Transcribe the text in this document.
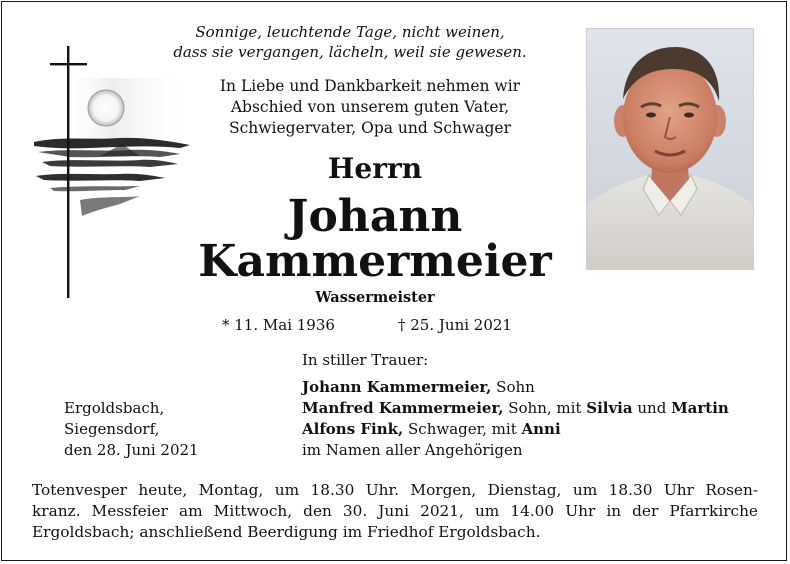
Sonnige, leuchtende Tage, nicht weinen,
dass sie vergangen, lächeln, weil sie gewesen.
In Liebe und Dankbarkeit nehmen wir
Abschied von unserem guten Vater,
Schwiegervater, Opa und Schwager
Herrn
Johann
Kammermeier
Wassermeister
* 11. Mai 1936	† 25. Juni 2021
Ergoldsbach,
Siegensdorf,
den 28. Juni 2021
In stiller Trauer:
Johann Kammermeier, Sohn
Manfred Kammermeier, Sohn, mit Silvia und Martin
Alfons Fink, Schwager, mit Anni
im Namen aller Angehörigen
Totenvesper heute, Montag, um 18.30 Uhr. Morgen, Dienstag, um 18.30 Uhr Rosen-
kranz. Messfeier am Mittwoch, den 30. Juni 2021, um 14.00 Uhr in der Pfarrkirche
Ergoldsbach; anschließend Beerdigung im Friedhof Ergoldsbach.
